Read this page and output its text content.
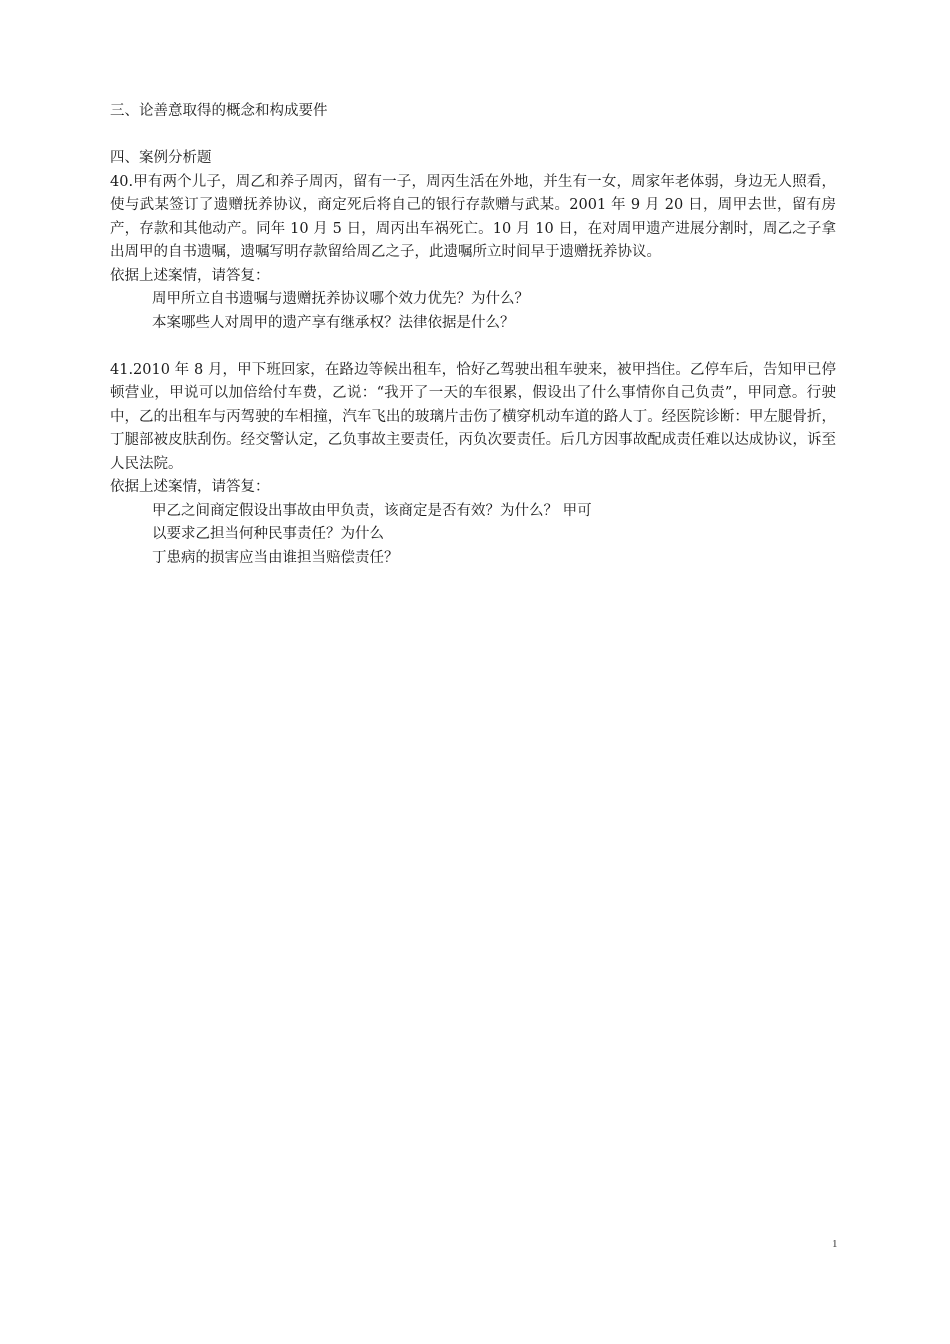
三、论善意取得的概念和构成要件

四、案例分析题

40.甲有两个儿子，周乙和养子周丙，留有一子，周丙生活在外地，并生有一女，周家年老体弱，身边无人照看，使与武某签订了遗赠抚养协议，商定死后将自己的银行存款赠与武某。2001 年 9 月 20 日，周甲去世，留有房产，存款和其他动产。同年 10 月 5 日，周丙出车祸死亡。10 月 10 日，在对周甲遗产进展分割时，周乙之子拿出周甲的自书遗嘱，遗嘱写明存款留给周乙之子，此遗嘱所立时间早于遗赠抚养协议。

依据上述案情，请答复：

周甲所立自书遗嘱与遗赠抚养协议哪个效力优先？为什么？

本案哪些人对周甲的遗产享有继承权？法律依据是什么？

41.2010 年 8 月，甲下班回家，在路边等候出租车，恰好乙驾驶出租车驶来，被甲挡住。乙停车后，告知甲已停顿营业，甲说可以加倍给付车费，乙说：“我开了一天的车很累，假设出了什么事情你自己负责”，甲同意。行驶中，乙的出租车与丙驾驶的车相撞，汽车飞出的玻璃片击伤了横穿机动车道的路人丁。经医院诊断：甲左腿骨折，丁腿部被皮肤刮伤。经交警认定，乙负事故主要责任，丙负次要责任。后几方因事故配成责任难以达成协议，诉至人民法院。

依据上述案情，请答复：

甲乙之间商定假设出事故由甲负责，该商定是否有效？为什么？ 甲可以要求乙担当何种民事责任？为什么

丁患病的损害应当由谁担当赔偿责任？

1
